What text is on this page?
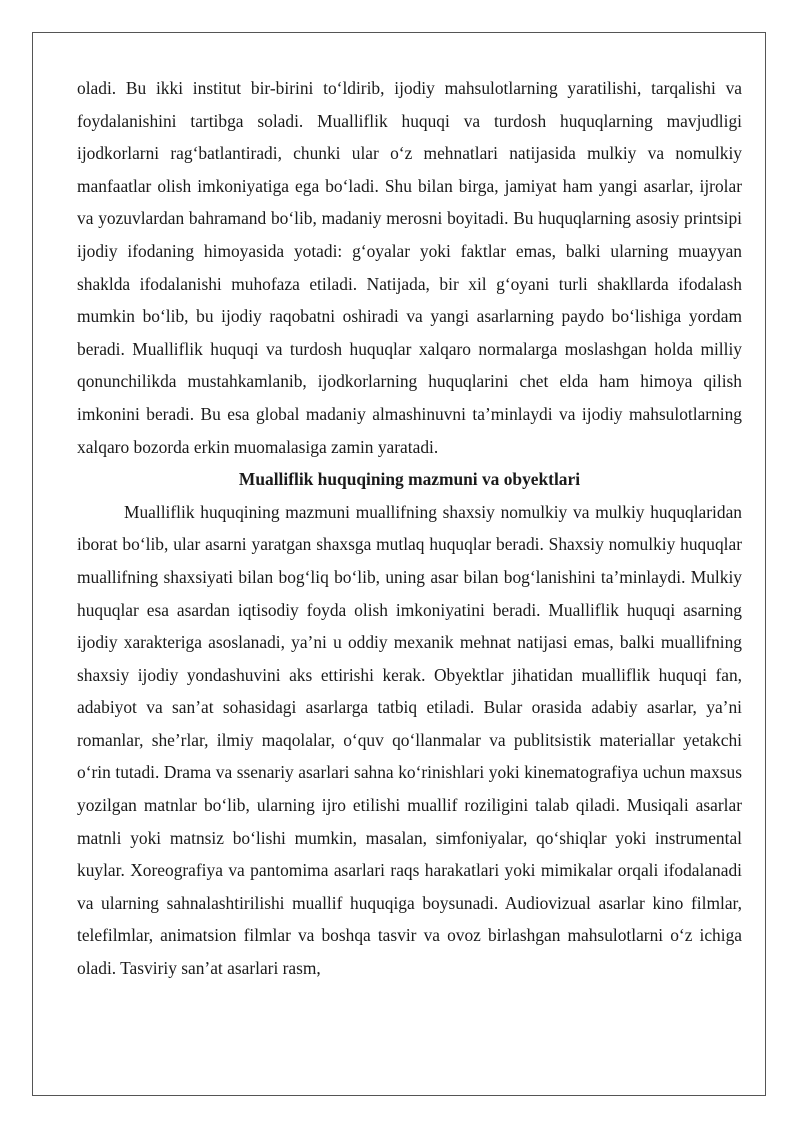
oladi. Bu ikki institut bir-birini to‘ldirib, ijodiy mahsulotlarning yaratilishi, tarqalishi va foydalanishini tartibga soladi. Mualliflik huquqi va turdosh huquqlarning mavjudligi ijodkorlarni rag‘batlantiradi, chunki ular o‘z mehnatlari natijasida mulkiy va nomulkiy manfaatlar olish imkoniyatiga ega bo‘ladi. Shu bilan birga, jamiyat ham yangi asarlar, ijrolar va yozuvlardan bahramand bo‘lib, madaniy merosni boyitadi. Bu huquqlarning asosiy printsipi ijodiy ifodaning himoyasida yotadi: g‘oyalar yoki faktlar emas, balki ularning muayyan shaklda ifodalanishi muhofaza etiladi. Natijada, bir xil g‘oyani turli shakllarda ifodalash mumkin bo‘lib, bu ijodiy raqobatni oshiradi va yangi asarlarning paydo bo‘lishiga yordam beradi. Mualliflik huquqi va turdosh huquqlar xalqaro normalarga moslashgan holda milliy qonunchilikda mustahkamlanib, ijodkorlarning huquqlarini chet elda ham himoya qilish imkonini beradi. Bu esa global madaniy almashinuvni ta’minlaydi va ijodiy mahsulotlarning xalqaro bozorda erkin muomalasiga zamin yaratadi.

Mualliflik huquqining mazmuni va obyektlari

Mualliflik huquqining mazmuni muallifning shaxsiy nomulkiy va mulkiy huquqlaridan iborat bo‘lib, ular asarni yaratgan shaxsga mutlaq huquqlar beradi. Shaxsiy nomulkiy huquqlar muallifning shaxsiyati bilan bog‘liq bo‘lib, uning asar bilan bog‘lanishini ta’minlaydi. Mulkiy huquqlar esa asardan iqtisodiy foyda olish imkoniyatini beradi. Mualliflik huquqi asarning ijodiy xarakteriga asoslanadi, ya’ni u oddiy mexanik mehnat natijasi emas, balki muallifning shaxsiy ijodiy yondashuvini aks ettirishi kerak. Obyektlar jihatidan mualliflik huquqi fan, adabiyot va san’at sohasidagi asarlarga tatbiq etiladi. Bular orasida adabiy asarlar, ya’ni romanlar, she’rlar, ilmiy maqolalar, o‘quv qo‘llanmalar va publitsistik materiallar yetakchi o‘rin tutadi. Drama va ssenariy asarlari sahna ko‘rinishlari yoki kinematografiya uchun maxsus yozilgan matnlar bo‘lib, ularning ijro etilishi muallif roziligini talab qiladi. Musiqali asarlar matnli yoki matnsiz bo‘lishi mumkin, masalan, simfoniyalar, qo‘shiqlar yoki instrumental kuylar. Xoreografiya va pantomima asarlari raqs harakatlari yoki mimikalar orqali ifodalanadi va ularning sahnalashtirilishi muallif huquqiga boysunadi. Audiovizual asarlar kino filmlar, telefilmlar, animatsion filmlar va boshqa tasvir va ovoz birlashgan mahsulotlarni o‘z ichiga oladi. Tasviriy san’at asarlari rasm,
